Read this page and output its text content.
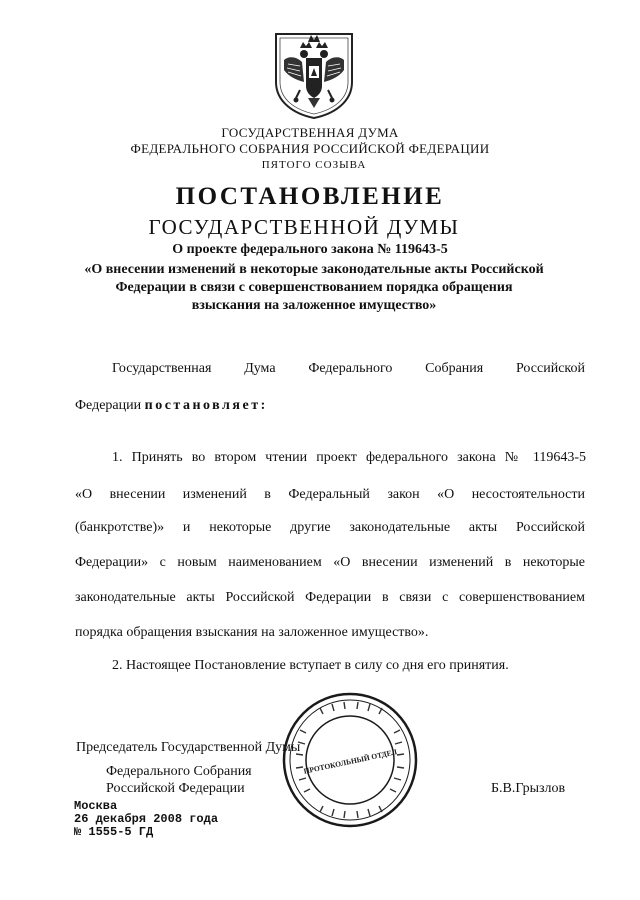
ГОСУДАРСТВЕННАЯ ДУМА
ФЕДЕРАЛЬНОГО СОБРАНИЯ РОССИЙСКОЙ ФЕДЕРАЦИИ
ПЯТОГО СОЗЫВА
ПОСТАНОВЛЕНИЕ
ГОСУДАРСТВЕННОЙ ДУМЫ
О проекте федерального закона № 119643-5
«О внесении изменений в некоторые законодательные акты Российской
Федерации в связи с совершенствованием порядка обращения
взыскания на заложенное имущество»
Государственная Дума Федерального Собрания Российской
Федерации постановляет:
1. Принять во втором чтении проект федерального закона № 119643-5
«О внесении изменений в Федеральный закон «О несостоятельности
(банкротстве)» и некоторые другие законодательные акты Российской
Федерации» с новым наименованием «О внесении изменений в некоторые
законодательные акты Российской Федерации в связи с совершенствованием
порядка обращения взыскания на заложенное имущество».
2. Настоящее Постановление вступает в силу со дня его принятия.
Председатель Государственной Думы
Федерального Собрания
Российской Федерации	Б.В.Грызлов
ПРОТОКОЛЬНЫЙ ОТДЕЛ
Москва
26 декабря 2008 года
№ 1555-5 ГД
